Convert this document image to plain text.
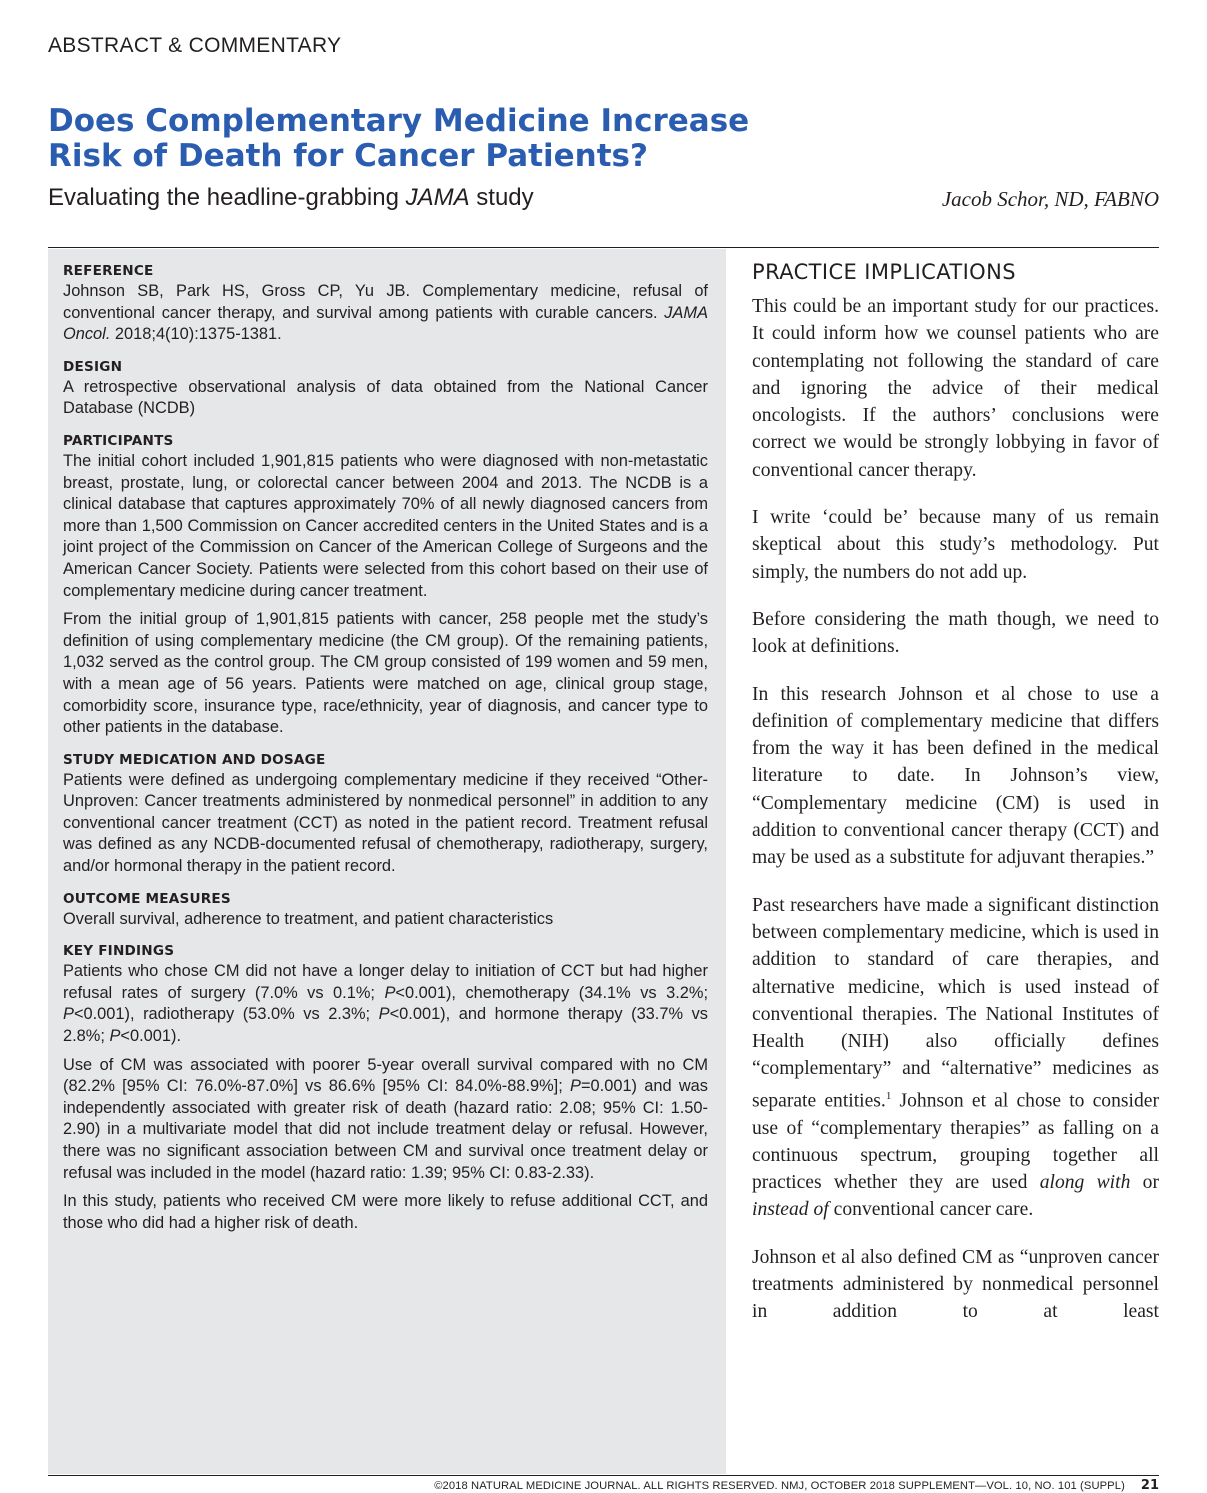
ABSTRACT & COMMENTARY
Does Complementary Medicine Increase Risk of Death for Cancer Patients?
Evaluating the headline-grabbing JAMA study	Jacob Schor, ND, FABNO
REFERENCE

Johnson SB, Park HS, Gross CP, Yu JB. Complementary medicine, refusal of conventional cancer therapy, and survival among patients with curable cancers. JAMA Oncol. 2018;4(10):1375-1381.

DESIGN

A retrospective observational analysis of data obtained from the National Cancer Database (NCDB)

PARTICIPANTS

The initial cohort included 1,901,815 patients who were diagnosed with non-metastatic breast, prostate, lung, or colorectal cancer between 2004 and 2013. The NCDB is a clinical database that captures approximately 70% of all newly diagnosed cancers from more than 1,500 Commission on Cancer accredited centers in the United States and is a joint project of the Commission on Cancer of the American College of Surgeons and the American Cancer Society. Patients were selected from this cohort based on their use of complementary medicine during cancer treatment.

From the initial group of 1,901,815 patients with cancer, 258 people met the study’s definition of using complementary medicine (the CM group). Of the remaining patients, 1,032 served as the control group. The CM group consisted of 199 women and 59 men, with a mean age of 56 years. Patients were matched on age, clinical group stage, comorbidity score, insurance type, race/ethnicity, year of diagnosis, and cancer type to other patients in the database.

STUDY MEDICATION AND DOSAGE

Patients were defined as undergoing complementary medicine if they received “Other-Unproven: Cancer treatments administered by nonmedical personnel” in addition to any conventional cancer treatment (CCT) as noted in the patient record. Treatment refusal was defined as any NCDB-documented refusal of chemotherapy, radiotherapy, surgery, and/or hormonal therapy in the patient record.

OUTCOME MEASURES

Overall survival, adherence to treatment, and patient characteristics

KEY FINDINGS

Patients who chose CM did not have a longer delay to initiation of CCT but had higher refusal rates of surgery (7.0% vs 0.1%; P<0.001), chemotherapy (34.1% vs 3.2%; P<0.001), radiotherapy (53.0% vs 2.3%; P<0.001), and hormone therapy (33.7% vs 2.8%; P<0.001).

Use of CM was associated with poorer 5-year overall survival compared with no CM (82.2% [95% CI: 76.0%-87.0%] vs 86.6% [95% CI: 84.0%-88.9%]; P=0.001) and was independently associated with greater risk of death (hazard ratio: 2.08; 95% CI: 1.50-2.90) in a multivariate model that did not include treatment delay or refusal. However, there was no significant association between CM and survival once treatment delay or refusal was included in the model (hazard ratio: 1.39; 95% CI: 0.83-2.33).

In this study, patients who received CM were more likely to refuse additional CCT, and those who did had a higher risk of death.

PRACTICE IMPLICATIONS

This could be an important study for our practices. It could inform how we counsel patients who are contemplating not following the standard of care and ignoring the advice of their medical oncologists. If the authors’ conclusions were correct we would be strongly lobbying in favor of conventional cancer therapy.

I write ‘could be’ because many of us remain skeptical about this study’s methodology. Put simply, the numbers do not add up.

Before considering the math though, we need to look at definitions.

In this research Johnson et al chose to use a definition of complementary medicine that differs from the way it has been defined in the medical literature to date. In Johnson’s view, “Complementary medicine (CM) is used in addition to conventional cancer therapy (CCT) and may be used as a substitute for adjuvant therapies.”

Past researchers have made a significant distinction between complementary medicine, which is used in addition to standard of care therapies, and alternative medicine, which is used instead of conventional therapies. The National Institutes of Health (NIH) also officially defines “complementary” and “alternative” medicines as separate entities.$^1$ Johnson et al chose to consider use of “complementary therapies” as falling on a continuous spectrum, grouping together all practices whether they are used along with or instead of conventional cancer care.

Johnson et al also defined CM as “unproven cancer treatments administered by nonmedical personnel in addition to at least

©2018 NATURAL MEDICINE JOURNAL. ALL RIGHTS RESERVED. NMJ, OCTOBER 2018 SUPPLEMENT—VOL. 10, NO. 101 (SUPPL) 21
